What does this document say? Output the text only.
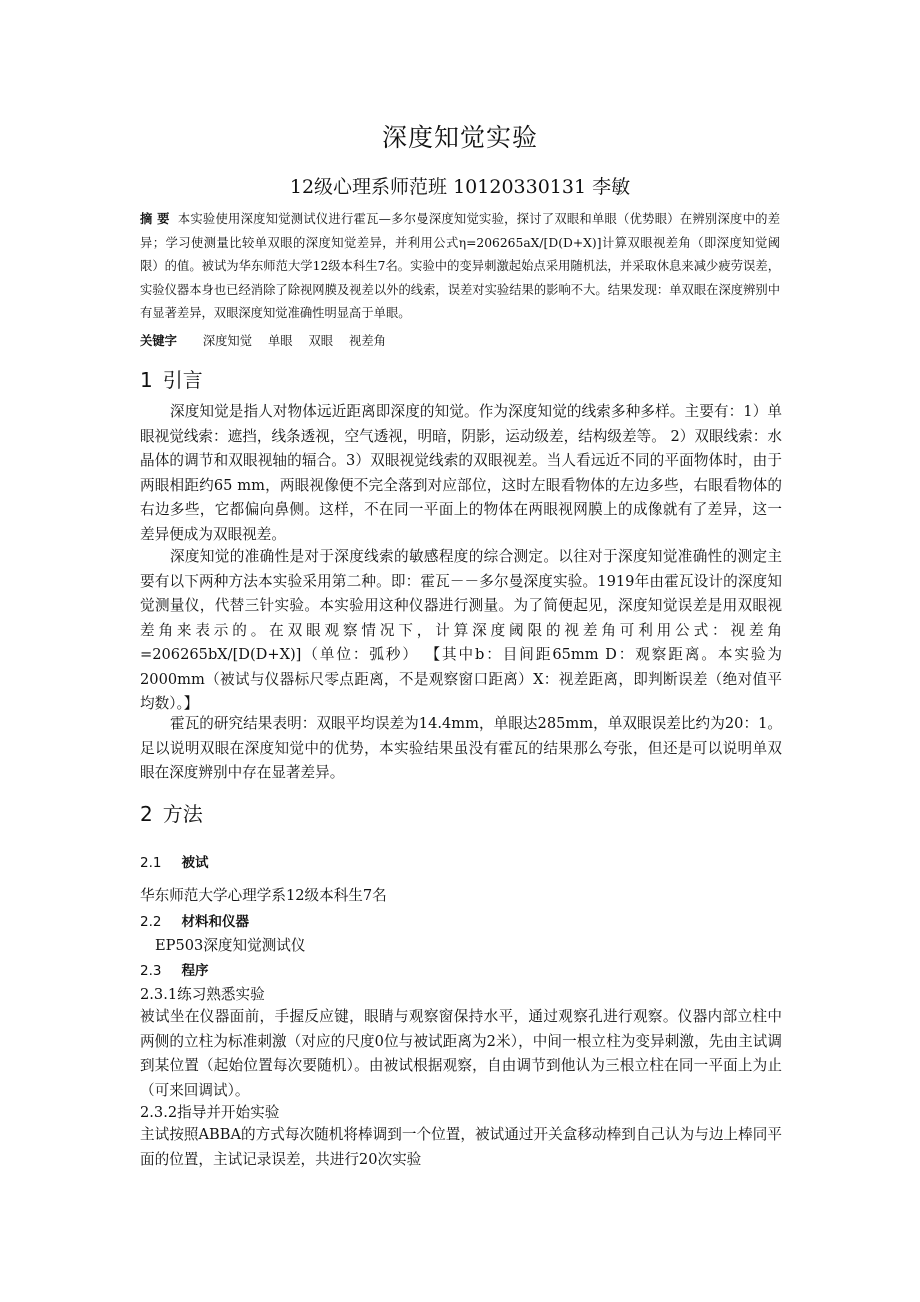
深度知觉实验
12级心理系师范班 10120330131 李敏
摘 要 本实验使用深度知觉测试仪进行霍瓦—多尔曼深度知觉实验，探讨了双眼和单眼（优势眼）在辨别深度中的差异；学习使测量比较单双眼的深度知觉差异，并利用公式η=206265aX/[D(D+X)]计算双眼视差角（即深度知觉阈限）的值。被试为华东师范大学12级本科生7名。实验中的变异刺激起始点采用随机法，并采取休息来减少疲劳误差，实验仪器本身也已经消除了除视网膜及视差以外的线索，误差对实验结果的影响不大。结果发现：单双眼在深度辨别中有显著差异，双眼深度知觉准确性明显高于单眼。
关键字 深度知觉 单眼 双眼 视差角
1 引言
深度知觉是指人对物体远近距离即深度的知觉。作为深度知觉的线索多种多样。主要有：1）单眼视觉线索：遮挡，线条透视，空气透视，明暗，阴影，运动级差，结构级差等。 2）双眼线索：水晶体的调节和双眼视轴的辐合。3）双眼视觉线索的双眼视差。当人看远近不同的平面物体时，由于两眼相距约65 mm，两眼视像便不完全落到对应部位，这时左眼看物体的左边多些，右眼看物体的右边多些，它都偏向鼻侧。这样，不在同一平面上的物体在两眼视网膜上的成像就有了差异，这一差异便成为双眼视差。
深度知觉的准确性是对于深度线索的敏感程度的综合测定。以往对于深度知觉准确性的测定主要有以下两种方法本实验采用第二种。即：霍瓦－－多尔曼深度实验。1919年由霍瓦设计的深度知觉测量仪，代替三针实验。本实验用这种仪器进行测量。为了简便起见，深度知觉误差是用双眼视差角来表示的。在双眼观察情况下，计算深度阈限的视差角可利用公式：视差角=206265bX/[D(D+X)]（单位：弧秒） 【其中b：目间距65mm D：观察距离。本实验为2000mm（被试与仪器标尺零点距离，不是观察窗口距离）X：视差距离，即判断误差（绝对值平均数）。】
霍瓦的研究结果表明：双眼平均误差为14.4mm，单眼达285mm，单双眼误差比约为20：1。 足以说明双眼在深度知觉中的优势，本实验结果虽没有霍瓦的结果那么夸张，但还是可以说明单双眼在深度辨别中存在显著差异。
2 方法
2.1 被试
华东师范大学心理学系12级本科生7名
2.2 材料和仪器
EP503深度知觉测试仪
2.3 程序
2.3.1练习熟悉实验
被试坐在仪器面前，手握反应键，眼睛与观察窗保持水平，通过观察孔进行观察。仪器内部立柱中两侧的立柱为标准刺激（对应的尺度0位与被试距离为2米），中间一根立柱为变异刺激，先由主试调到某位置（起始位置每次要随机）。由被试根据观察，自由调节到他认为三根立柱在同一平面上为止（可来回调试）。
2.3.2指导并开始实验
主试按照ABBA的方式每次随机将棒调到一个位置，被试通过开关盒移动棒到自己认为与边上棒同平面的位置，主试记录误差，共进行20次实验
